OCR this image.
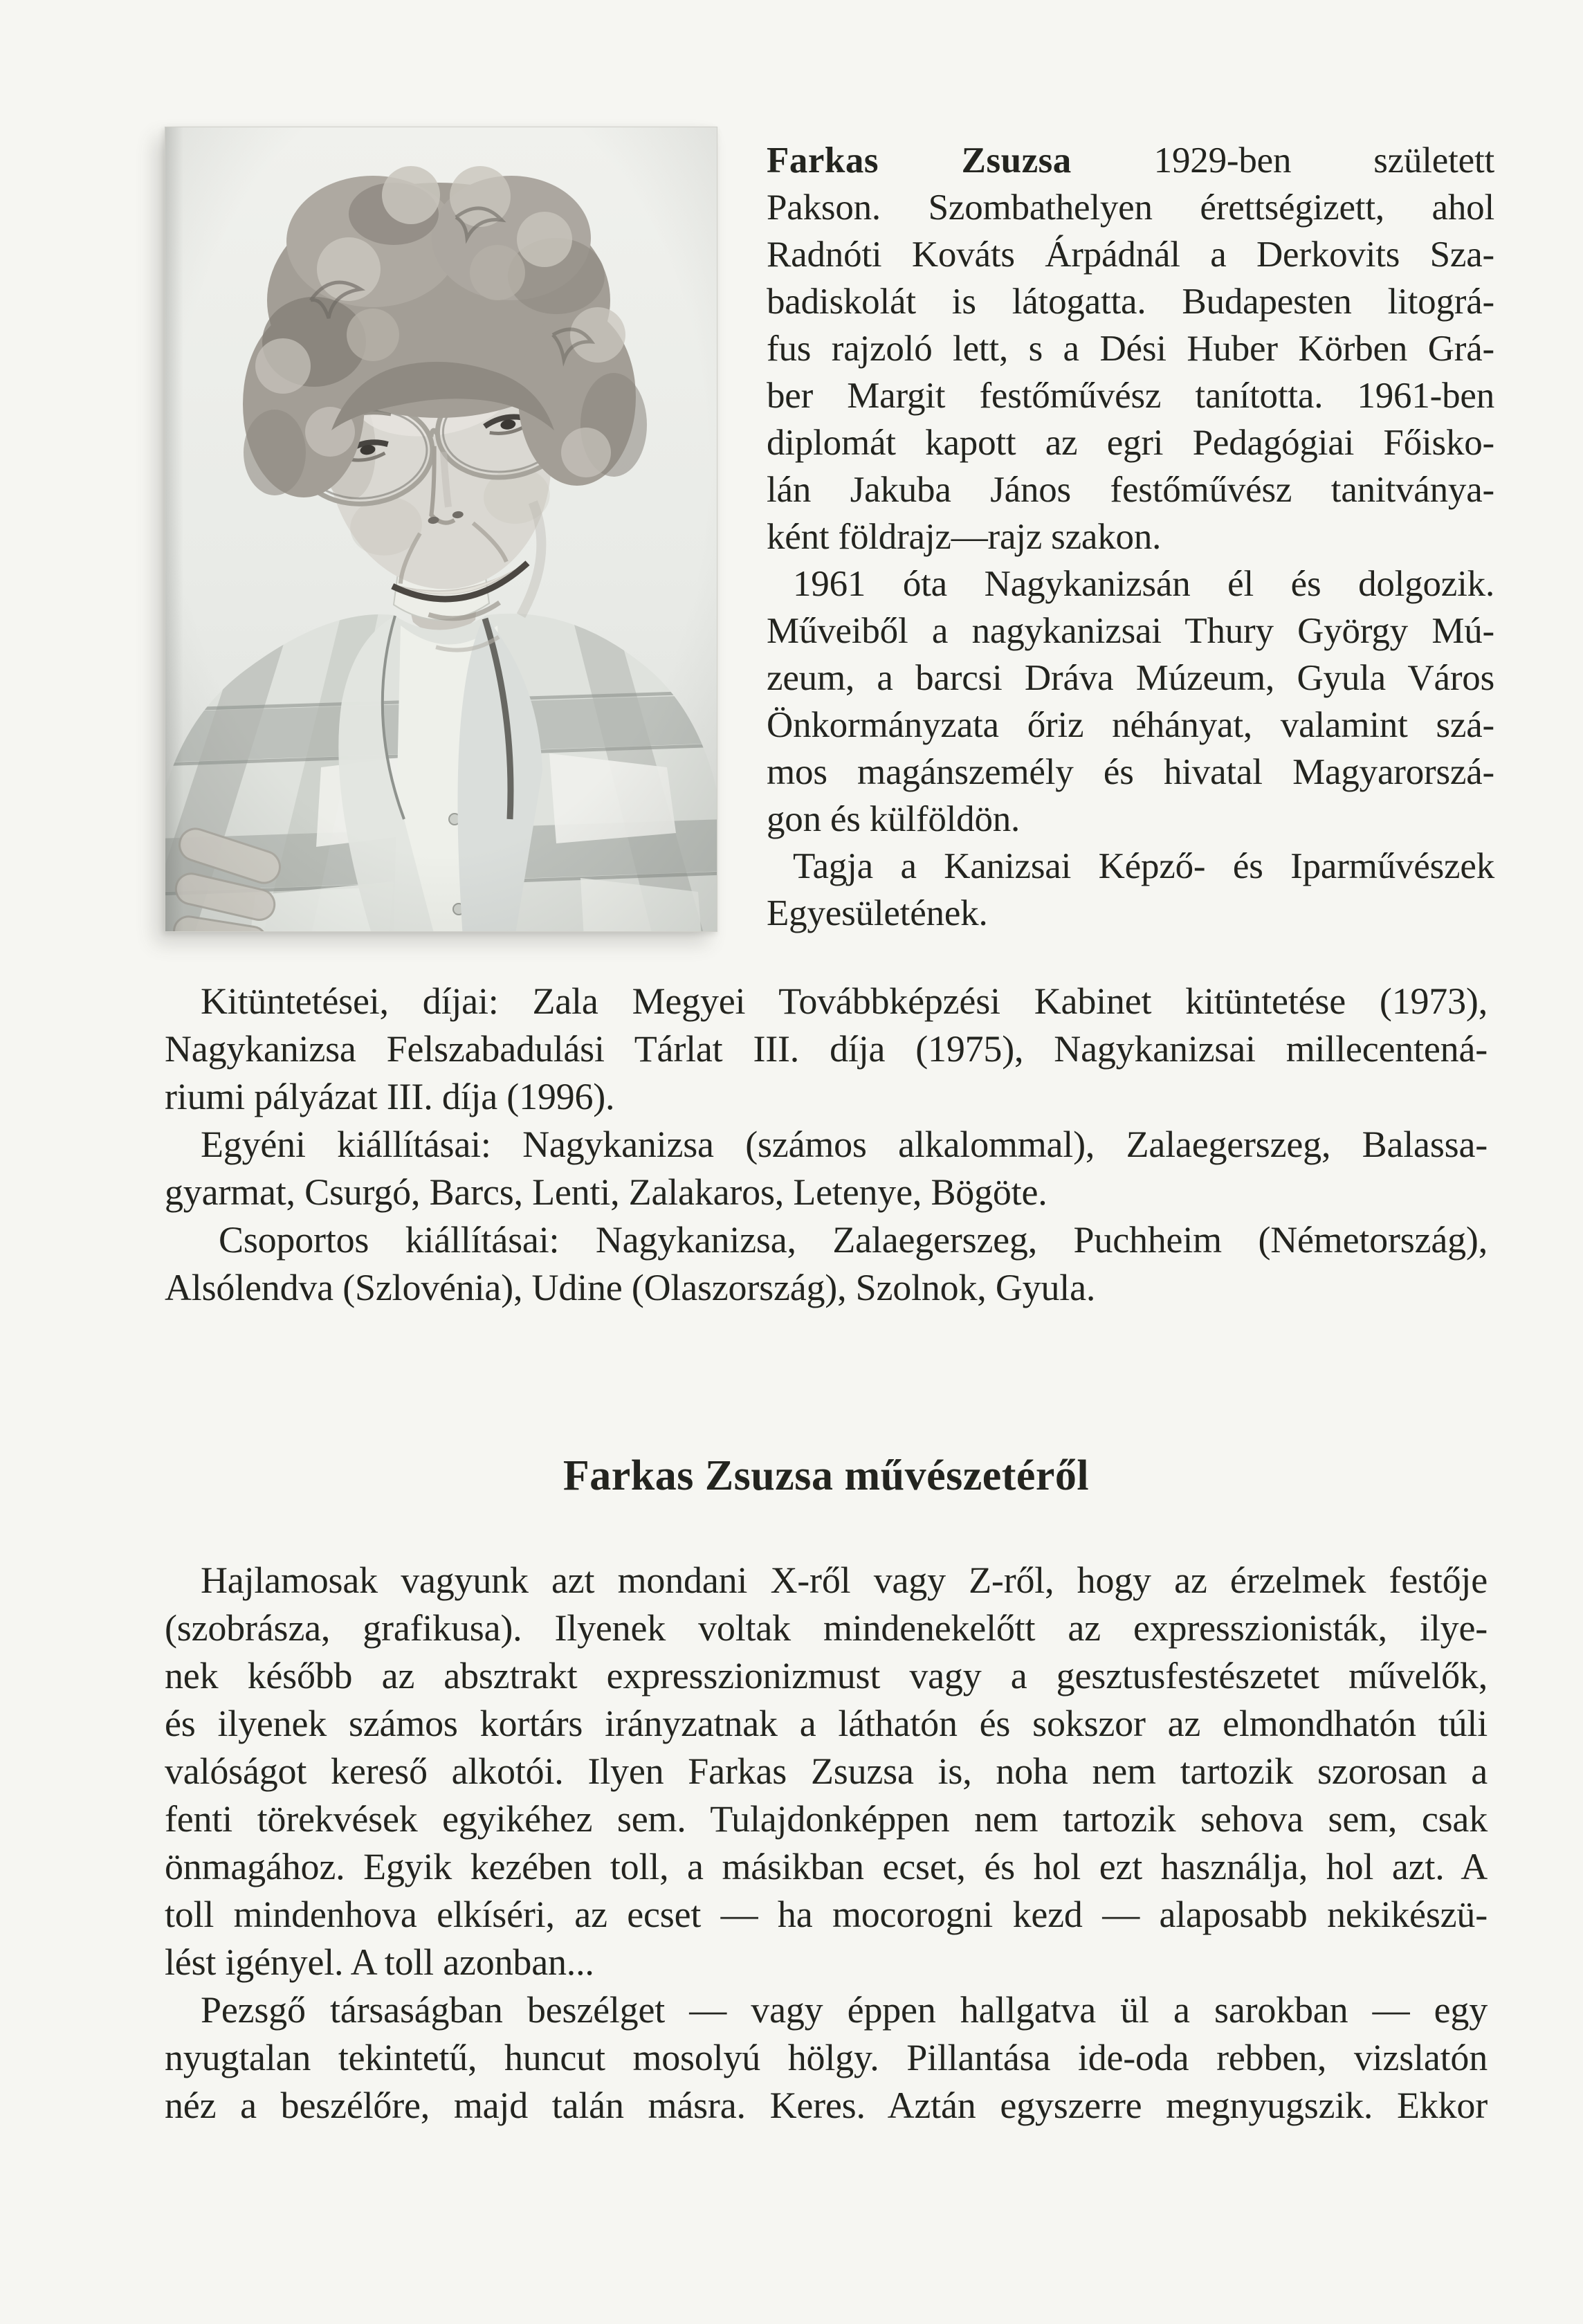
Farkas Zsuzsa 1929-ben született
Pakson. Szombathelyen érettségizett, ahol
Radnóti Kováts Árpádnál a Derkovits Sza-
badiskolát is látogatta. Budapesten litográ-
fus rajzoló lett, s a Dési Huber Körben Grá-
ber Margit festőművész tanította. 1961-ben
diplomát kapott az egri Pedagógiai Főisko-
lán Jakuba János festőművész tanitványa-
ként földrajz—rajz szakon.
1961 óta Nagykanizsán él és dolgozik.
Műveiből a nagykanizsai Thury György Mú-
zeum, a barcsi Dráva Múzeum, Gyula Város
Önkormányzata őriz néhányat, valamint szá-
mos magánszemély és hivatal Magyarorszá-
gon és külföldön.
Tagja a Kanizsai Képző- és Iparművészek
Egyesületének.
Kitüntetései, díjai: Zala Megyei Továbbképzési Kabinet kitüntetése (1973),
Nagykanizsa Felszabadulási Tárlat III. díja (1975), Nagykanizsai millecentená-
riumi pályázat III. díja (1996).
Egyéni kiállításai: Nagykanizsa (számos alkalommal), Zalaegerszeg, Balassa-
gyarmat, Csurgó, Barcs, Lenti, Zalakaros, Letenye, Bögöte.
Csoportos kiállításai: Nagykanizsa, Zalaegerszeg, Puchheim (Németország),
Alsólendva (Szlovénia), Udine (Olaszország), Szolnok, Gyula.
Farkas Zsuzsa művészetéről
Hajlamosak vagyunk azt mondani X-ről vagy Z-ről, hogy az érzelmek festője
(szobrásza, grafikusa). Ilyenek voltak mindenekelőtt az expresszionisták, ilye-
nek később az absztrakt expresszionizmust vagy a gesztusfestészetet művelők,
és ilyenek számos kortárs irányzatnak a láthatón és sokszor az elmondhatón túli
valóságot kereső alkotói. Ilyen Farkas Zsuzsa is, noha nem tartozik szorosan a
fenti törekvések egyikéhez sem. Tulajdonképpen nem tartozik sehova sem, csak
önmagához. Egyik kezében toll, a másikban ecset, és hol ezt használja, hol azt. A
toll mindenhova elkíséri, az ecset — ha mocorogni kezd — alaposabb nekikészü-
lést igényel. A toll azonban...
Pezsgő társaságban beszélget — vagy éppen hallgatva ül a sarokban — egy
nyugtalan tekintetű, huncut mosolyú hölgy. Pillantása ide-oda rebben, vizslatón
néz a beszélőre, majd talán másra. Keres. Aztán egyszerre megnyugszik. Ekkor
